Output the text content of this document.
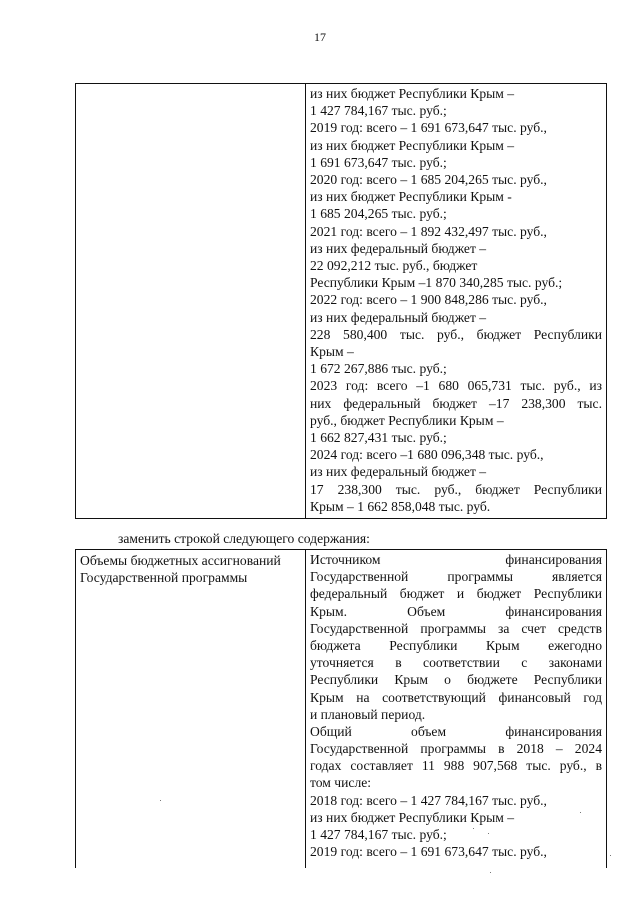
17
из них бюджет Республики Крым –
1 427 784,167 тыс. руб.;
2019 год: всего – 1 691 673,647 тыс. руб.,
из них бюджет Республики Крым –
1 691 673,647 тыс. руб.;
2020 год: всего – 1 685 204,265 тыс. руб.,
из них бюджет Республики Крым -
1 685 204,265 тыс. руб.;
2021 год: всего – 1 892 432,497 тыс. руб.,
из них федеральный бюджет –
22 092,212 тыс. руб., бюджет
Республики Крым –1 870 340,285 тыс. руб.;
2022 год: всего – 1 900 848,286 тыс. руб.,
из них федеральный бюджет –
228 580,400 тыс. руб., бюджет Республики
Крым –
1 672 267,886 тыс. руб.;
2023 год: всего –1 680 065,731 тыс. руб., из
них федеральный бюджет –17 238,300 тыс.
руб., бюджет Республики Крым –
1 662 827,431 тыс. руб.;
2024 год: всего –1 680 096,348 тыс. руб.,
из них федеральный бюджет –
17 238,300 тыс. руб., бюджет Республики
Крым – 1 662 858,048 тыс. руб.
заменить строкой следующего содержания:
Объемы бюджетных ассигнований Государственной программы
Источником финансирования
Государственной программы является
федеральный бюджет и бюджет Республики
Крым. Объем финансирования
Государственной программы за счет средств
бюджета Республики Крым ежегодно
уточняется в соответствии с законами
Республики Крым о бюджете Республики
Крым на соответствующий финансовый год
и плановый период.
Общий объем финансирования
Государственной программы в 2018 – 2024
годах составляет 11 988 907,568 тыс. руб., в
том числе:
2018 год: всего – 1 427 784,167 тыс. руб.,
из них бюджет Республики Крым –
1 427 784,167 тыс. руб.;
2019 год: всего – 1 691 673,647 тыс. руб.,
